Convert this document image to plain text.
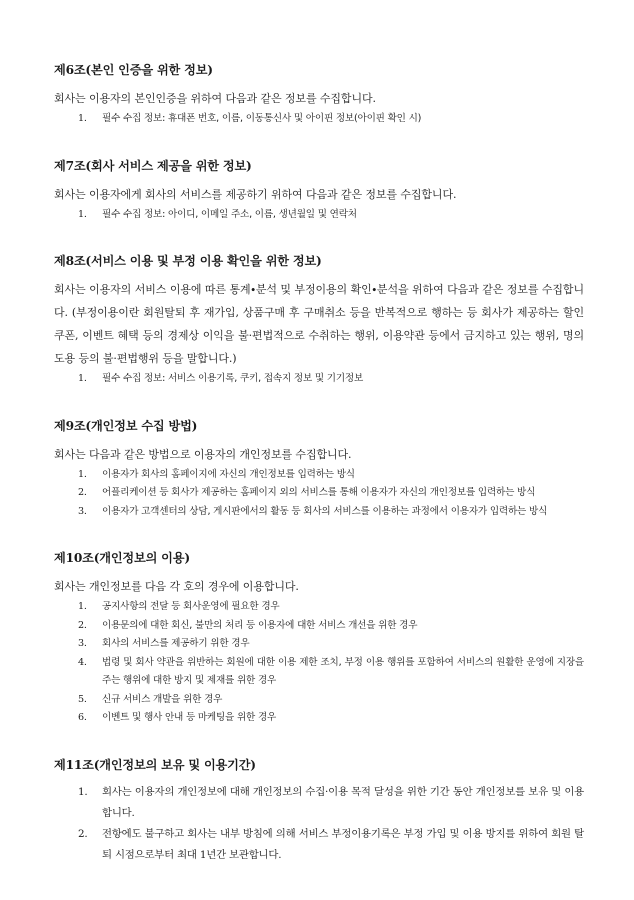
제6조(본인 인증을 위한 정보)

회사는 이용자의 본인인증을 위하여 다음과 같은 정보를 수집합니다.

1.	필수 수집 정보: 휴대폰 번호, 이름, 이동통신사 및 아이핀 정보(아이핀 확인 시)
제7조(회사 서비스 제공을 위한 정보)

회사는 이용자에게 회사의 서비스를 제공하기 위하여 다음과 같은 정보를 수집합니다.

1.	필수 수집 정보: 아이디, 이메일 주소, 이름, 생년월일 및 연락처
제8조(서비스 이용 및 부정 이용 확인을 위한 정보)

회사는 이용자의 서비스 이용에 따른 통계∙분석 및 부정이용의 확인∙분석을 위하여 다음과 같은 정보를 수집합니다. (부정이용이란 회원탈퇴 후 재가입, 상품구매 후 구매취소 등을 반복적으로 행하는 등 회사가 제공하는 할인쿠폰, 이벤트 혜택 등의 경제상 이익을 불·편법적으로 수취하는 행위, 이용약관 등에서 금지하고 있는 행위, 명의도용 등의 불·편법행위 등을 말합니다.)

1.	필수 수집 정보: 서비스 이용기록, 쿠키, 접속지 정보 및 기기정보
제9조(개인정보 수집 방법)

회사는 다음과 같은 방법으로 이용자의 개인정보를 수집합니다.

1.	이용자가 회사의 홈페이지에 자신의 개인정보를 입력하는 방식
2.	어플리케이션 등 회사가 제공하는 홈페이지 외의 서비스를 통해 이용자가 자신의 개인정보를 입력하는 방식
3.	이용자가 고객센터의 상담, 게시판에서의 활동 등 회사의 서비스를 이용하는 과정에서 이용자가 입력하는 방식
제10조(개인정보의 이용)

회사는 개인정보를 다음 각 호의 경우에 이용합니다.

1.	공지사항의 전달 등 회사운영에 필요한 경우
2.	이용문의에 대한 회신, 불만의 처리 등 이용자에 대한 서비스 개선을 위한 경우
3.	회사의 서비스를 제공하기 위한 경우
4.	법령 및 회사 약관을 위반하는 회원에 대한 이용 제한 조치, 부정 이용 행위를 포함하여 서비스의 원활한 운영에 지장을 주는 행위에 대한 방지 및 제재를 위한 경우
5.	신규 서비스 개발을 위한 경우
6.	이벤트 및 행사 안내 등 마케팅을 위한 경우
제11조(개인정보의 보유 및 이용기간)
1.	회사는 이용자의 개인정보에 대해 개인정보의 수집·이용 목적 달성을 위한 기간 동안 개인정보를 보유 및 이용합니다.
2.	전항에도 불구하고 회사는 내부 방침에 의해 서비스 부정이용기록은 부정 가입 및 이용 방지를 위하여 회원 탈퇴 시점으로부터 최대 1년간 보관합니다.
